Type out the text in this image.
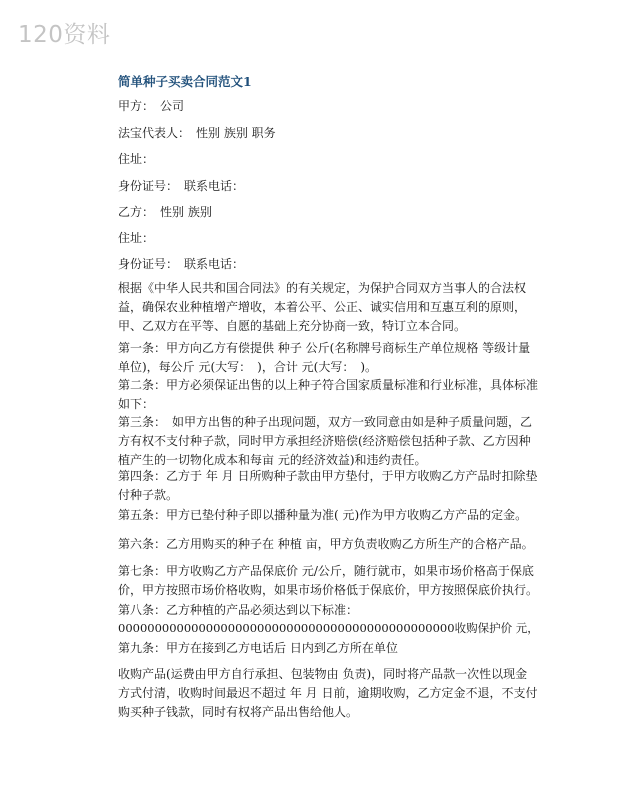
120资料
简单种子买卖合同范文1
甲方：　公司
法宝代表人：　性别 族别 职务
住址：
身份证号：　联系电话：
乙方：　性别 族别
住址：
身份证号：　联系电话：
根据《中华人民共和国合同法》的有关规定，为保护合同双方当事人的合法权益，确保农业种植增产增收，本着公平、公正、诚实信用和互惠互利的原则，甲、乙双方在平等、自愿的基础上充分协商一致，特订立本合同。
第一条：甲方向乙方有偿提供 种子 公斤(名称牌号商标生产单位规格 等级计量单位)，每公斤 元(大写：　)，合计 元(大写：　)。
第二条：甲方必须保证出售的以上种子符合国家质量标准和行业标准，具体标准如下：
第三条：　如甲方出售的种子出现问题，双方一致同意由如是种子质量问题，乙方有权不支付种子款，同时甲方承担经济赔偿(经济赔偿包括种子款、乙方因种植产生的一切物化成本和每亩 元的经济效益)和违约责任。
第四条：乙方于 年 月 日所购种子款由甲方垫付，于甲方收购乙方产品时扣除垫付种子款。
第五条：甲方已垫付种子即以播种量为准( 元)作为甲方收购乙方产品的定金。
第六条：乙方用购买的种子在 种植 亩，甲方负责收购乙方所生产的合格产品。
第七条：甲方收购乙方产品保底价 元/公斤，随行就市，如果市场价格高于保底价，甲方按照市场价格收购，如果市场价格低于保底价，甲方按照保底价执行。
第八条：乙方种植的产品必须达到以下标准：
0000000000000000000000000000000000000000000000收购保护价 元，
第九条：甲方在接到乙方电话后 日内到乙方所在单位
收购产品(运费由甲方自行承担、包装物由 负责)，同时将产品款一次性以现金方式付清，收购时间最迟不超过 年 月 日前，逾期收购，乙方定金不退，不支付购买种子钱款，同时有权将产品出售给他人。
